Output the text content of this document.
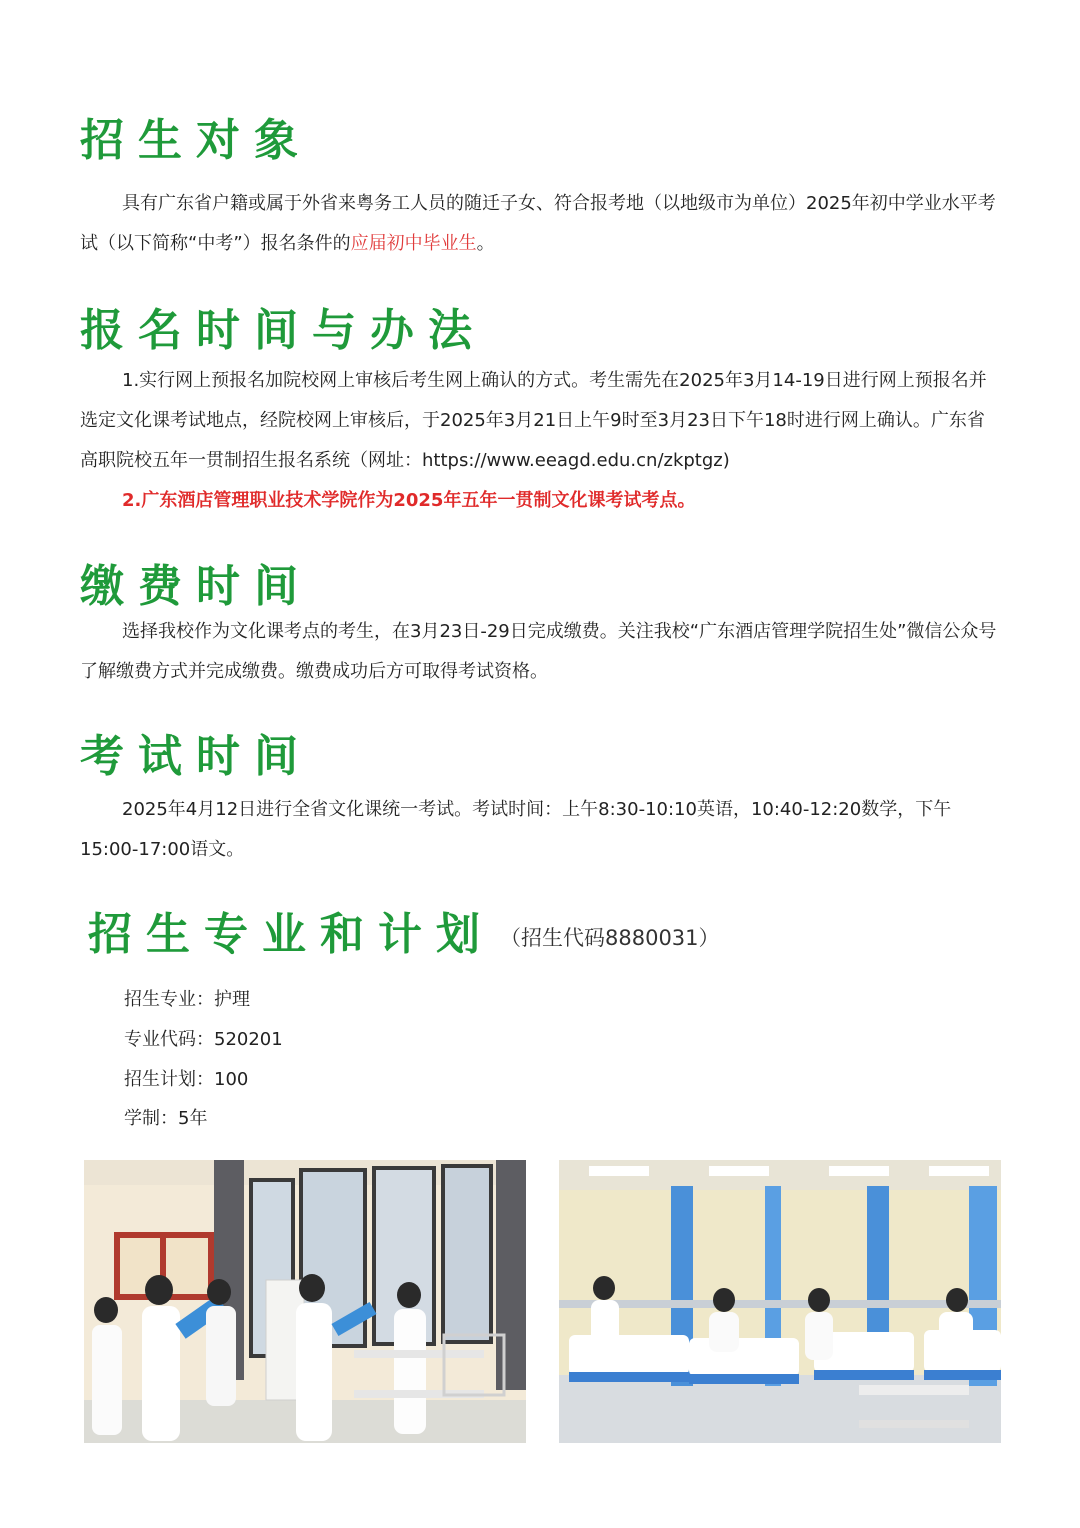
招生对象
具有广东省户籍或属于外省来粤务工人员的随迁子女、符合报考地（以地级市为单位）2025年初中学业水平考试（以下简称“中考”）报名条件的应届初中毕业生。
报名时间与办法
1.实行网上预报名加院校网上审核后考生网上确认的方式。考生需先在2025年3月14-19日进行网上预报名并选定文化课考试地点，经院校网上审核后，于2025年3月21日上午9时至3月23日下午18时进行网上确认。广东省高职院校五年一贯制招生报名系统（网址：https://www.eeagd.edu.cn/zkptgz)
2.广东酒店管理职业技术学院作为2025年五年一贯制文化课考试考点。
缴费时间
选择我校作为文化课考点的考生，在3月23日-29日完成缴费。关注我校“广东酒店管理学院招生处”微信公众号了解缴费方式并完成缴费。缴费成功后方可取得考试资格。
考试时间
2025年4月12日进行全省文化课统一考试。考试时间：上午8:30-10:10英语，10:40-12:20数学，下午15:00-17:00语文。
招生专业和计划 （招生代码8880031）
招生专业：护理
专业代码：520201
招生计划：100
学制：5年
